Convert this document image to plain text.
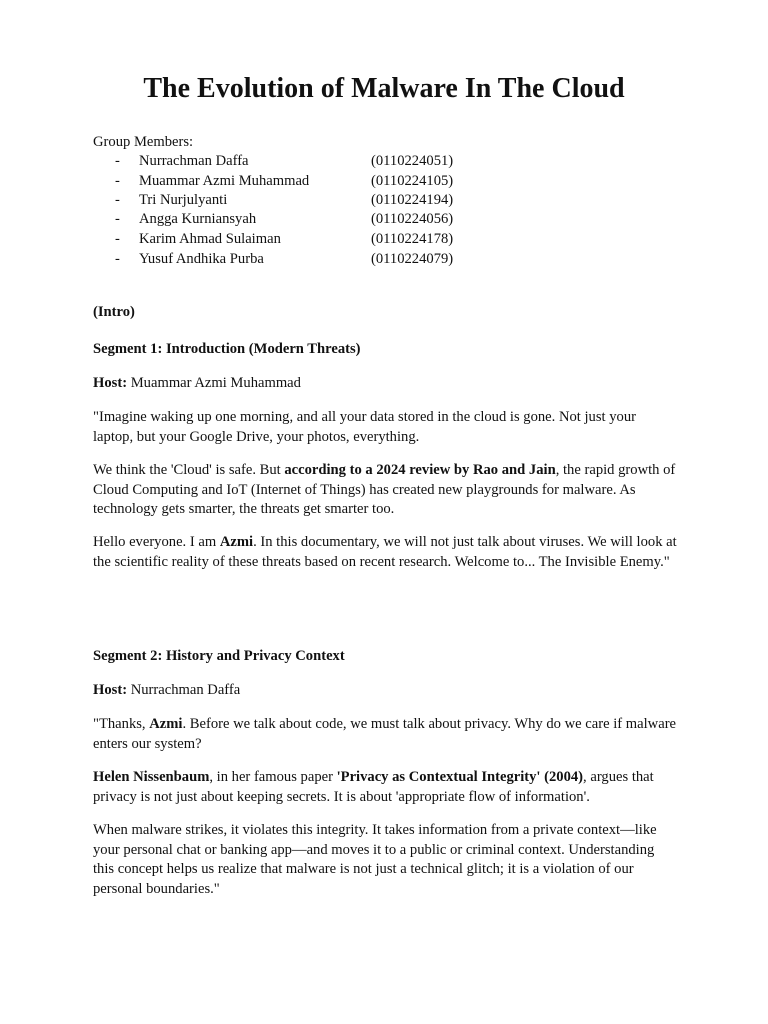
The Evolution of Malware In The Cloud

Group Members:

- Nurrachman Daffa	(0110224051)
- Muammar Azmi Muhammad	(0110224105)
- Tri Nurjulyanti	(0110224194)
- Angga Kurniansyah	(0110224056)
- Karim Ahmad Sulaiman	(0110224178)
- Yusuf Andhika Purba	(0110224079)

(Intro)

Segment 1: Introduction (Modern Threats)

Host: Muammar Azmi Muhammad

"Imagine waking up one morning, and all your data stored in the cloud is gone. Not just your laptop, but your Google Drive, your photos, everything.

We think the 'Cloud' is safe. But according to a 2024 review by Rao and Jain, the rapid growth of Cloud Computing and IoT (Internet of Things) has created new playgrounds for malware. As technology gets smarter, the threats get smarter too.

Hello everyone. I am Azmi. In this documentary, we will not just talk about viruses. We will look at the scientific reality of these threats based on recent research. Welcome to... The Invisible Enemy."

Segment 2: History and Privacy Context

Host: Nurrachman Daffa

"Thanks, Azmi. Before we talk about code, we must talk about privacy. Why do we care if malware enters our system?

Helen Nissenbaum, in her famous paper 'Privacy as Contextual Integrity' (2004), argues that privacy is not just about keeping secrets. It is about 'appropriate flow of information'.

When malware strikes, it violates this integrity. It takes information from a private context—like your personal chat or banking app—and moves it to a public or criminal context. Understanding this concept helps us realize that malware is not just a technical glitch; it is a violation of our personal boundaries."
